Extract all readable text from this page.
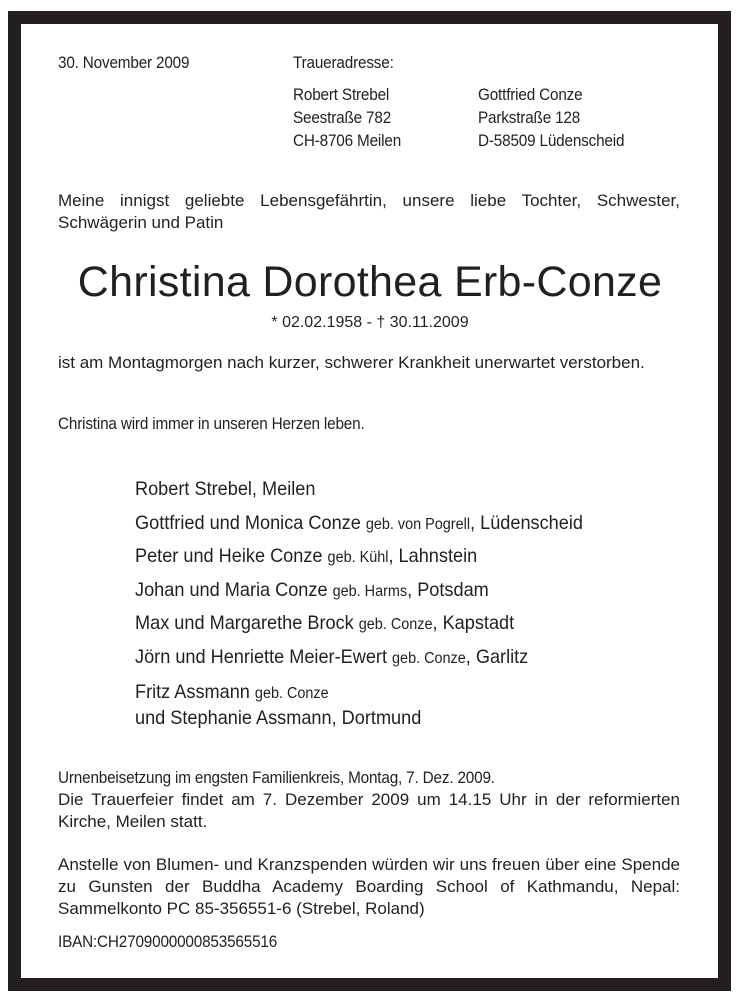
30. November 2009	Traueradresse:
Robert Strebel
Seestraße 782
CH-8706 Meilen
Gottfried Conze
Parkstraße 128
D-58509 Lüdenscheid
Meine innigst geliebte Lebensgefährtin, unsere liebe Tochter, Schwester, Schwägerin und Patin
Christina Dorothea Erb-Conze
* 02.02.1958 - † 30.11.2009
ist am Montagmorgen nach kurzer, schwerer Krankheit unerwartet verstorben.
Christina wird immer in unseren Herzen leben.
Robert Strebel, Meilen
Gottfried und Monica Conze geb. von Pogrell, Lüdenscheid
Peter und Heike Conze geb. Kühl, Lahnstein
Johan und Maria Conze geb. Harms, Potsdam
Max und Margarethe Brock geb. Conze, Kapstadt
Jörn und Henriette Meier-Ewert geb. Conze, Garlitz
Fritz Assmann geb. Conze
und Stephanie Assmann, Dortmund
Urnenbeisetzung im engsten Familienkreis, Montag, 7. Dez. 2009.
Die Trauerfeier findet am 7. Dezember 2009 um 14.15 Uhr in der reformierten Kirche, Meilen statt.
Anstelle von Blumen- und Kranzspenden würden wir uns freuen über eine Spende zu Gunsten der Buddha Academy Boarding School of Kathmandu, Nepal: Sammelkonto PC 85-356551-6 (Strebel, Roland)
IBAN:CH2709000000853565516
